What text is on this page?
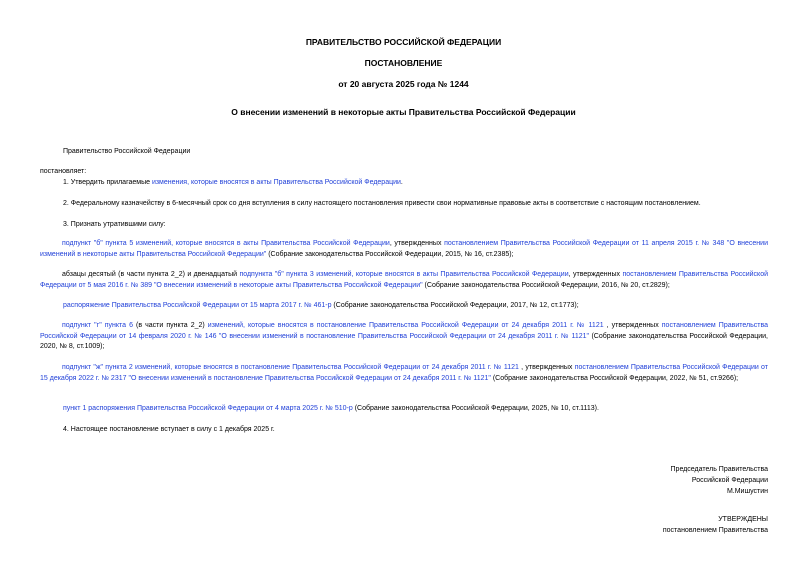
ПРАВИТЕЛЬСТВО РОССИЙСКОЙ ФЕДЕРАЦИИ
ПОСТАНОВЛЕНИЕ
от 20 августа 2025 года № 1244
О внесении изменений в некоторые акты Правительства Российской Федерации

Правительство Российской Федерации

постановляет:

1. Утвердить прилагаемые изменения, которые вносятся в акты Правительства Российской Федерации.

2. Федеральному казначейству в 6-месячный срок со дня вступления в силу настоящего постановления привести свои нормативные правовые акты в соответствие с настоящим постановлением.

3. Признать утратившими силу:

подпункт "б" пункта 5 изменений, которые вносятся в акты Правительства Российской Федерации, утвержденных постановлением Правительства Российской Федерации от 11 апреля 2015 г. № 348 "О внесении изменений в некоторые акты Правительства Российской Федерации" (Собрание законодательства Российской Федерации, 2015, № 16, ст.2385);

абзацы десятый (в части пункта 2_2) и двенадцатый подпункта "б" пункта 3 изменений, которые вносятся в акты Правительства Российской Федерации, утвержденных постановлением Правительства Российской Федерации от 5 мая 2016 г. № 389 "О внесении изменений в некоторые акты Правительства Российской Федерации" (Собрание законодательства Российской Федерации, 2016, № 20, ст.2829);

распоряжение Правительства Российской Федерации от 15 марта 2017 г. № 461-р (Собрание законодательства Российской Федерации, 2017, № 12, ст.1773);

подпункт "г" пункта 6 (в части пункта 2_2) изменений, которые вносятся в постановление Правительства Российской Федерации от 24 декабря 2011 г. № 1121 , утвержденных постановлением Правительства Российской Федерации от 14 февраля 2020 г. № 146 "О внесении изменений в постановление Правительства Российской Федерации от 24 декабря 2011 г. № 1121" (Собрание законодательства Российской Федерации, 2020, № 8, ст.1009);

подпункт "ж" пункта 2 изменений, которые вносятся в постановление Правительства Российской Федерации от 24 декабря 2011 г. № 1121 , утвержденных постановлением Правительства Российской Федерации от 15 декабря 2022 г. № 2317 "О внесении изменений в постановление Правительства Российской Федерации от 24 декабря 2011 г. № 1121" (Собрание законодательства Российской Федерации, 2022, № 51, ст.9266);

пункт 1 распоряжения Правительства Российской Федерации от 4 марта 2025 г. № 510-р (Собрание законодательства Российской Федерации, 2025, № 10, ст.1113).

4. Настоящее постановление вступает в силу с 1 декабря 2025 г.

Председатель Правительства
Российской Федерации
М.Мишустин
УТВЕРЖДЕНЫ
постановлением Правительства
